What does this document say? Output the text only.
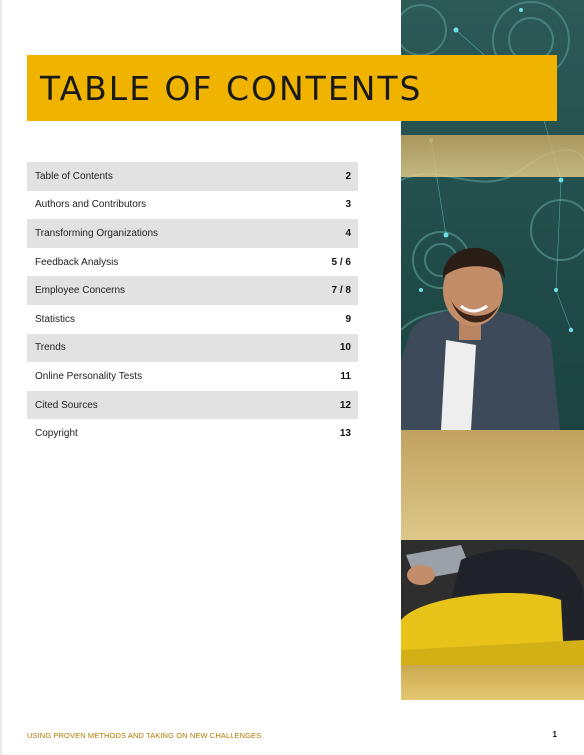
TABLE OF CONTENTS
Table of Contents	2
Authors and Contributors	3
Transforming Organizations	4
Feedback Analysis	5 / 6
Employee Concerns	7 / 8
Statistics	9
Trends	10
Online Personality Tests	11
Cited Sources	12
Copyright	13
USING PROVEN METHODS AND TAKING ON NEW CHALLENGES	1
